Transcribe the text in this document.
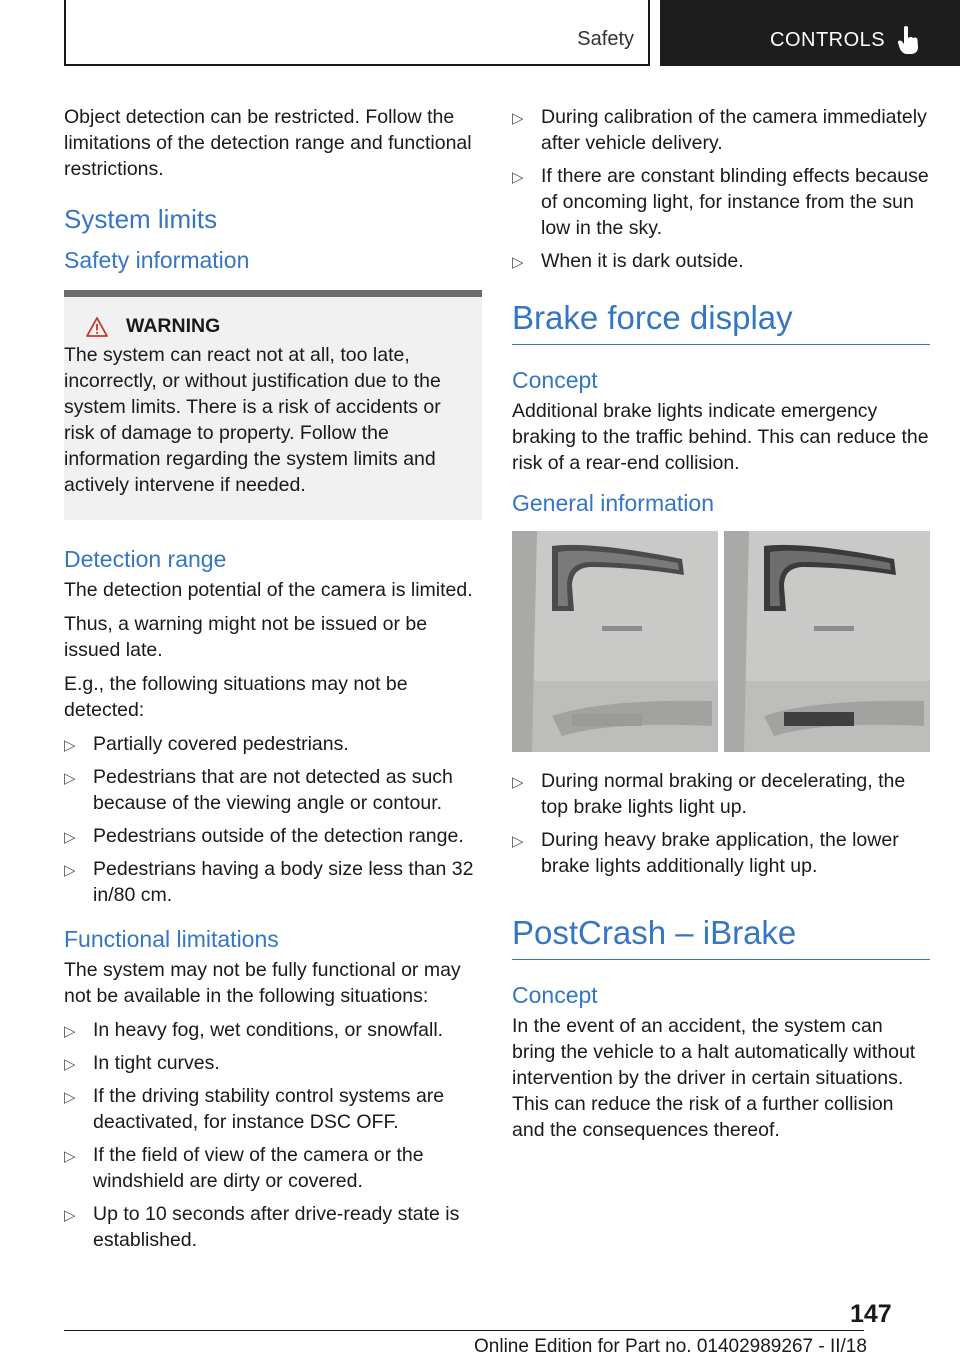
Safety	CONTROLS

Object detection can be restricted. Follow the limitations of the detection range and functional restrictions.

System limits
Safety information
WARNING

The system can react not at all, too late, incorrectly, or without justification due to the system limits. There is a risk of accidents or risk of damage to property. Follow the information regarding the system limits and actively intervene if needed.

Detection range

The detection potential of the camera is limited.

Thus, a warning might not be issued or be issued late.

E.g., the following situations may not be detected:

▷ Partially covered pedestrians.
▷ Pedestrians that are not detected as such because of the viewing angle or contour.
▷ Pedestrians outside of the detection range.
▷ Pedestrians having a body size less than 32 in/80 cm.
Functional limitations

The system may not be fully functional or may not be available in the following situations:

▷ In heavy fog, wet conditions, or snowfall.
▷ In tight curves.
▷ If the driving stability control systems are deactivated, for instance DSC OFF.
▷ If the field of view of the camera or the windshield are dirty or covered.
▷ Up to 10 seconds after drive-ready state is established.
▷ During calibration of the camera immediately after vehicle delivery.
▷ If there are constant blinding effects because of oncoming light, for instance from the sun low in the sky.
▷ When it is dark outside.
Brake force display
Concept

Additional brake lights indicate emergency braking to the traffic behind. This can reduce the risk of a rear-end collision.

General information
▷ During normal braking or decelerating, the top brake lights light up.
▷ During heavy brake application, the lower brake lights additionally light up.
PostCrash – iBrake
Concept

In the event of an accident, the system can bring the vehicle to a halt automatically without intervention by the driver in certain situations. This can reduce the risk of a further collision and the consequences thereof.

147
Online Edition for Part no. 01402989267 - II/18
